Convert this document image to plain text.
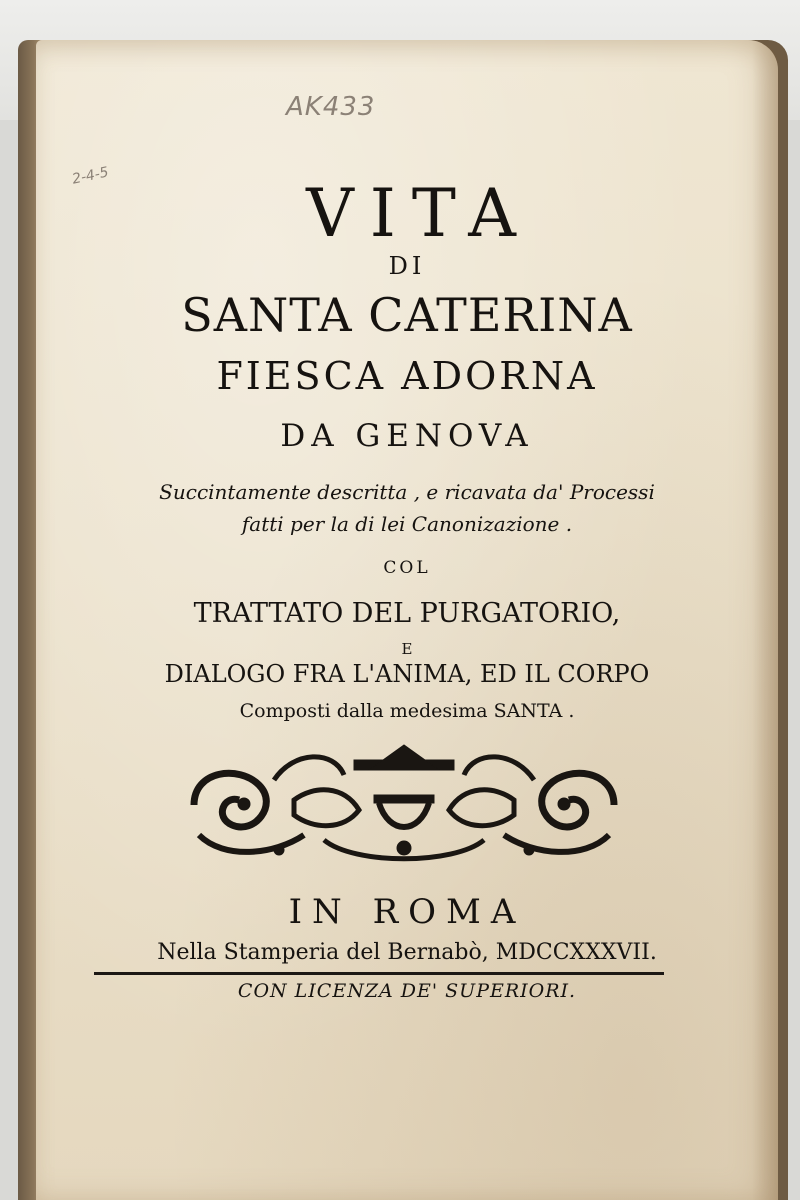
AK433
2-4-5	VITA
DI
SANTA CATERINA
FIESCA ADORNA
DA GENOVA
Succintamente descritta , e ricavata da' Processi
fatti per la di lei Canonizazione .
COL
TRATTATO DEL PURGATORIO,
E
DIALOGO FRA L'ANIMA, ED IL CORPO
Composti dalla medesima SANTA .
IN ROMA
Nella Stamperia del Bernabò, MDCCXXXVII.
CON LICENZA DE' SUPERIORI.
